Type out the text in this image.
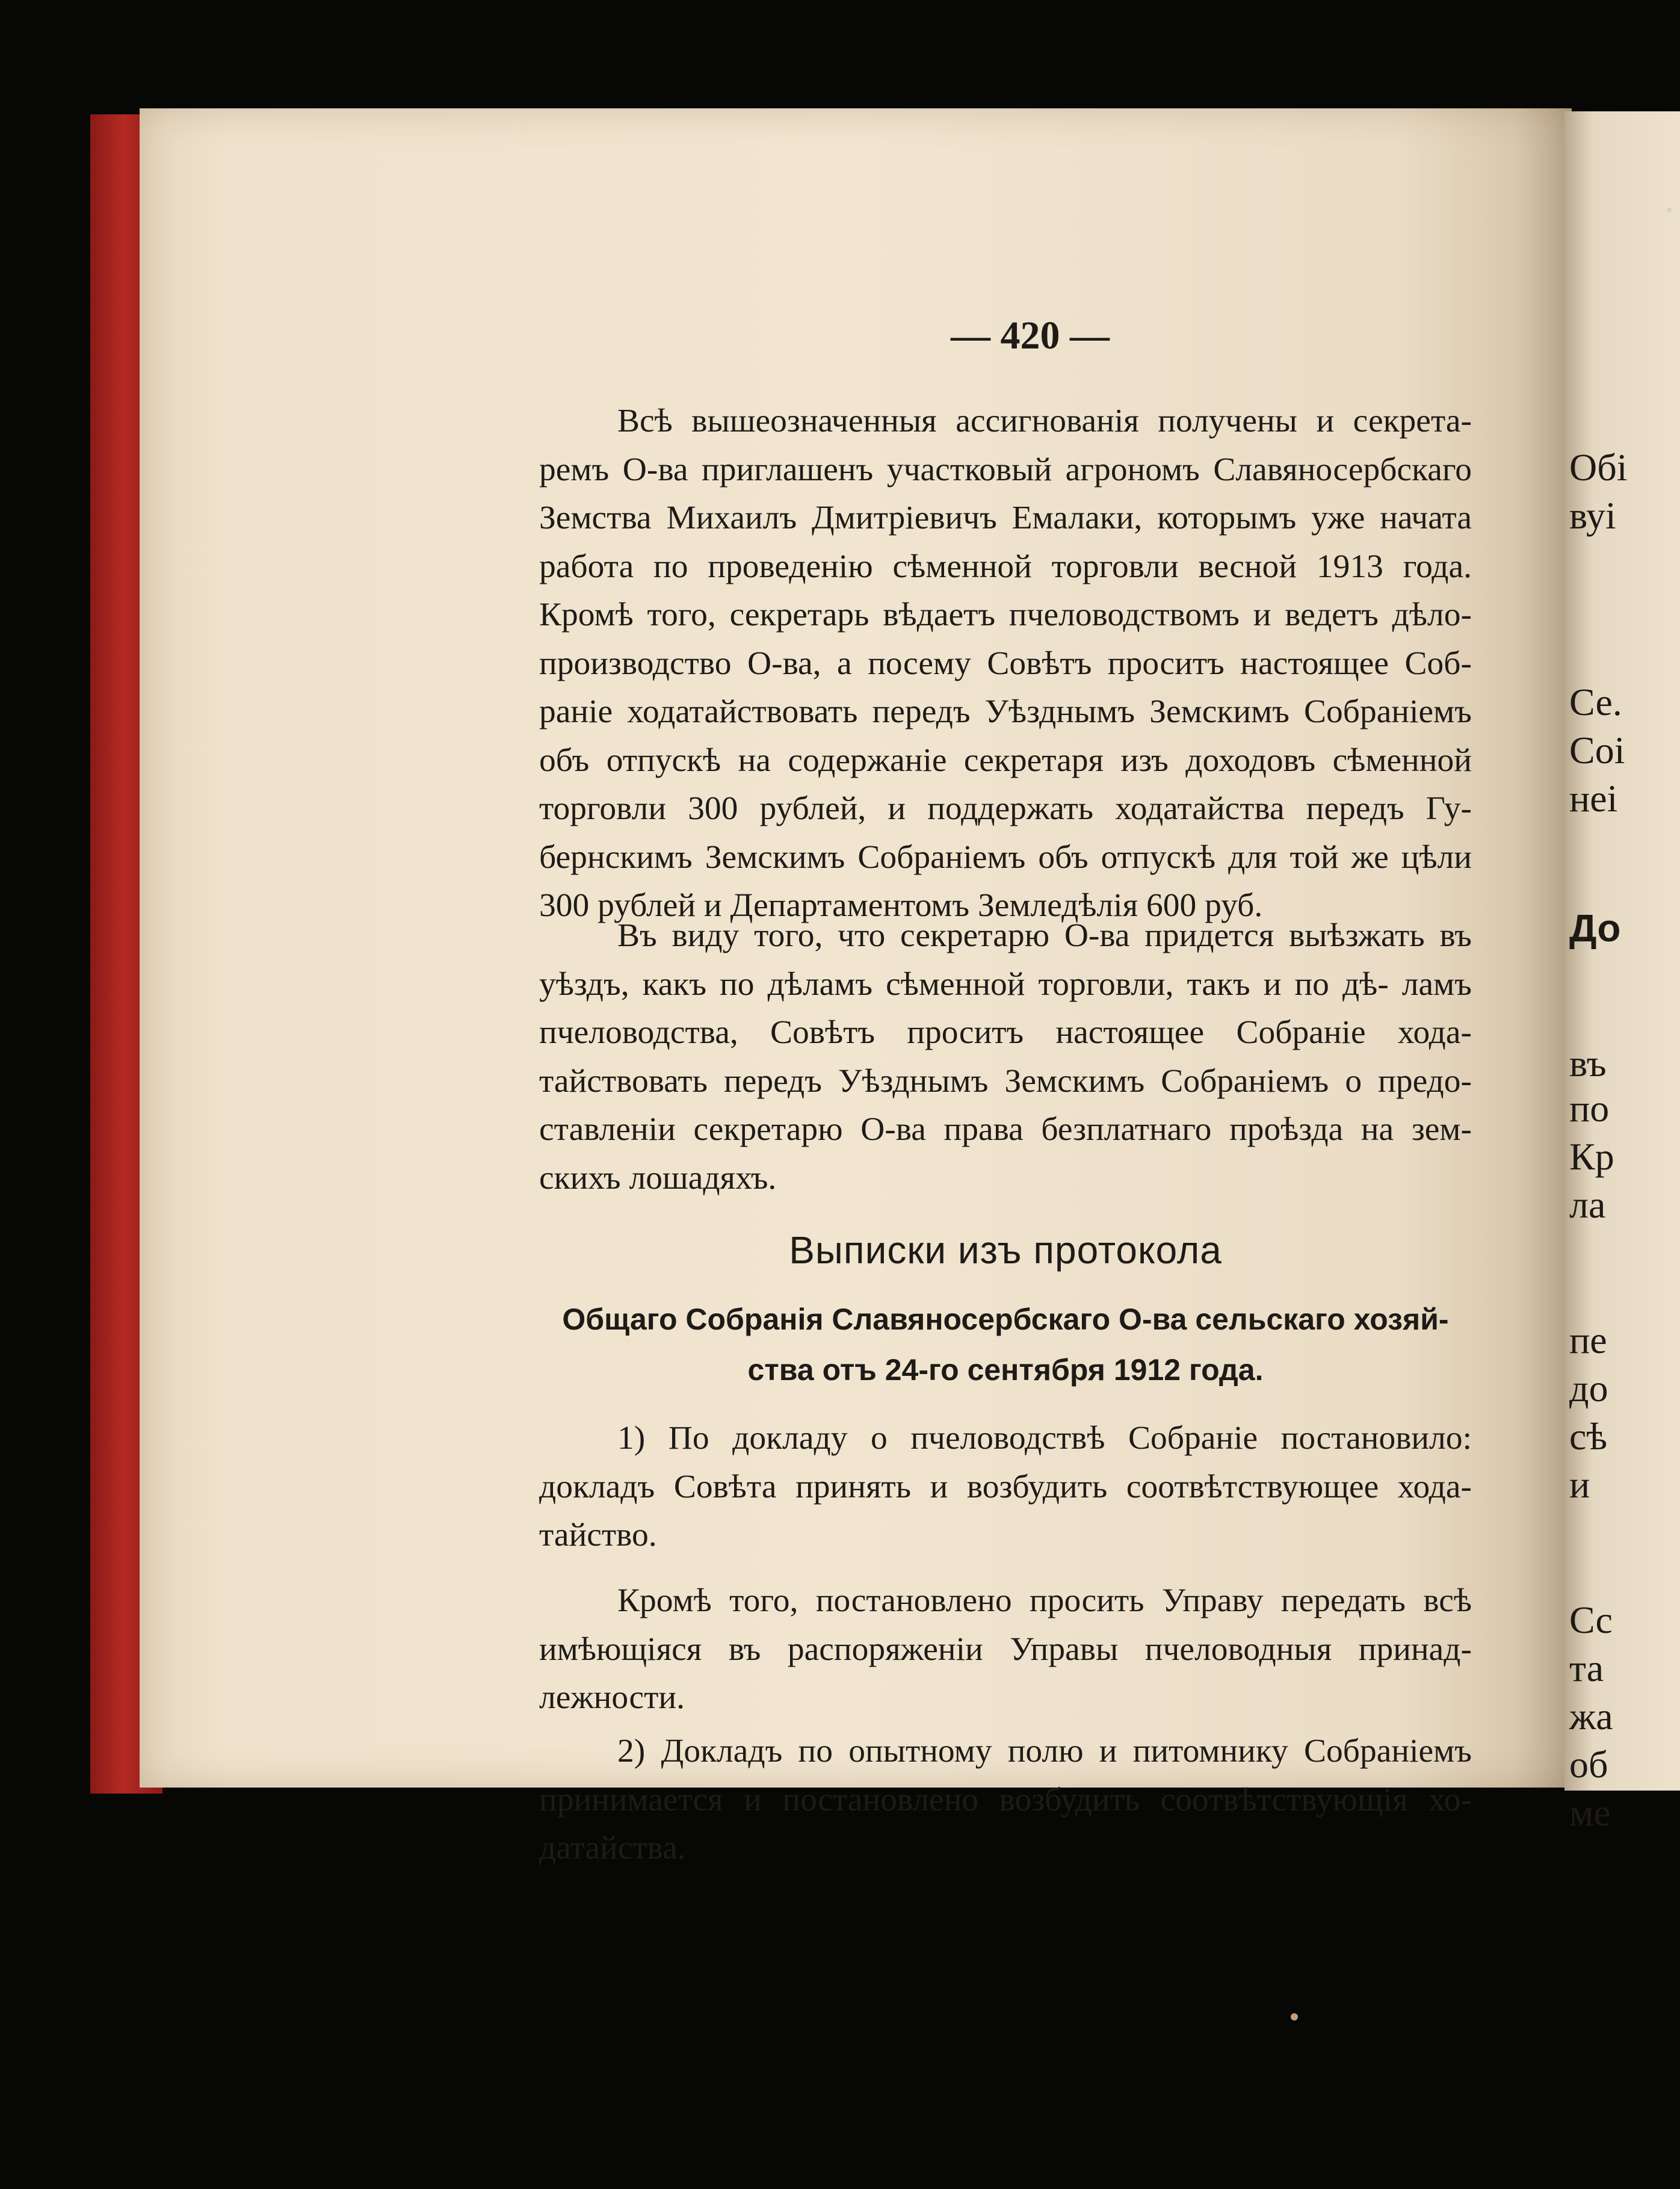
Обі
вуі
Се.
Соі
неі
До
въ
по
Кр
ла
пе
до
сѣ
и
Сс
та
жа
об
ме
— 420 —
Всѣ вышеозначенныя ассигнованія получены и секрета- ремъ О-ва приглашенъ участковый агрономъ Славяносербскаго Земства Михаилъ Дмитріевичъ Емалаки, которымъ уже начата работа по проведенію сѣменной торговли весной 1913 года. Кромѣ того, секретарь вѣдаетъ пчеловодствомъ и ведетъ дѣло- производство О-ва, а посему Совѣтъ проситъ настоящее Соб- раніе ходатайствовать передъ Уѣзднымъ Земскимъ Собраніемъ объ отпускѣ на содержаніе секретаря изъ доходовъ сѣменной торговли 300 рублей, и поддержать ходатайства передъ Гу- бернскимъ Земскимъ Собраніемъ объ отпускѣ для той же цѣли 300 рублей и Департаментомъ Земледѣлія 600 руб.
Въ виду того, что секретарю О-ва придется выѣзжать въ уѣздъ, какъ по дѣламъ сѣменной торговли, такъ и по дѣ- ламъ пчеловодства, Совѣтъ проситъ настоящее Собраніе хода- тайствовать передъ Уѣзднымъ Земскимъ Собраніемъ о предо- ставленіи секретарю О-ва права безплатнаго проѣзда на зем- скихъ лошадяхъ.
Выписки изъ протокола
Общаго Собранія Славяносербскаго О-ва сельскаго хозяй-
ства отъ 24-го сентября 1912 года.
1) По докладу о пчеловодствѣ Собраніе постановило: докладъ Совѣта принять и возбудить соотвѣтствующее хода- тайство.
Кромѣ того, постановлено просить Управу передать всѣ имѣющіяся въ распоряженіи Управы пчеловодныя принад- лежности.
2) Докладъ по опытному полю и питомнику Собраніемъ принимается и постановлено возбудить соотвѣтствующія хо- датайства.
